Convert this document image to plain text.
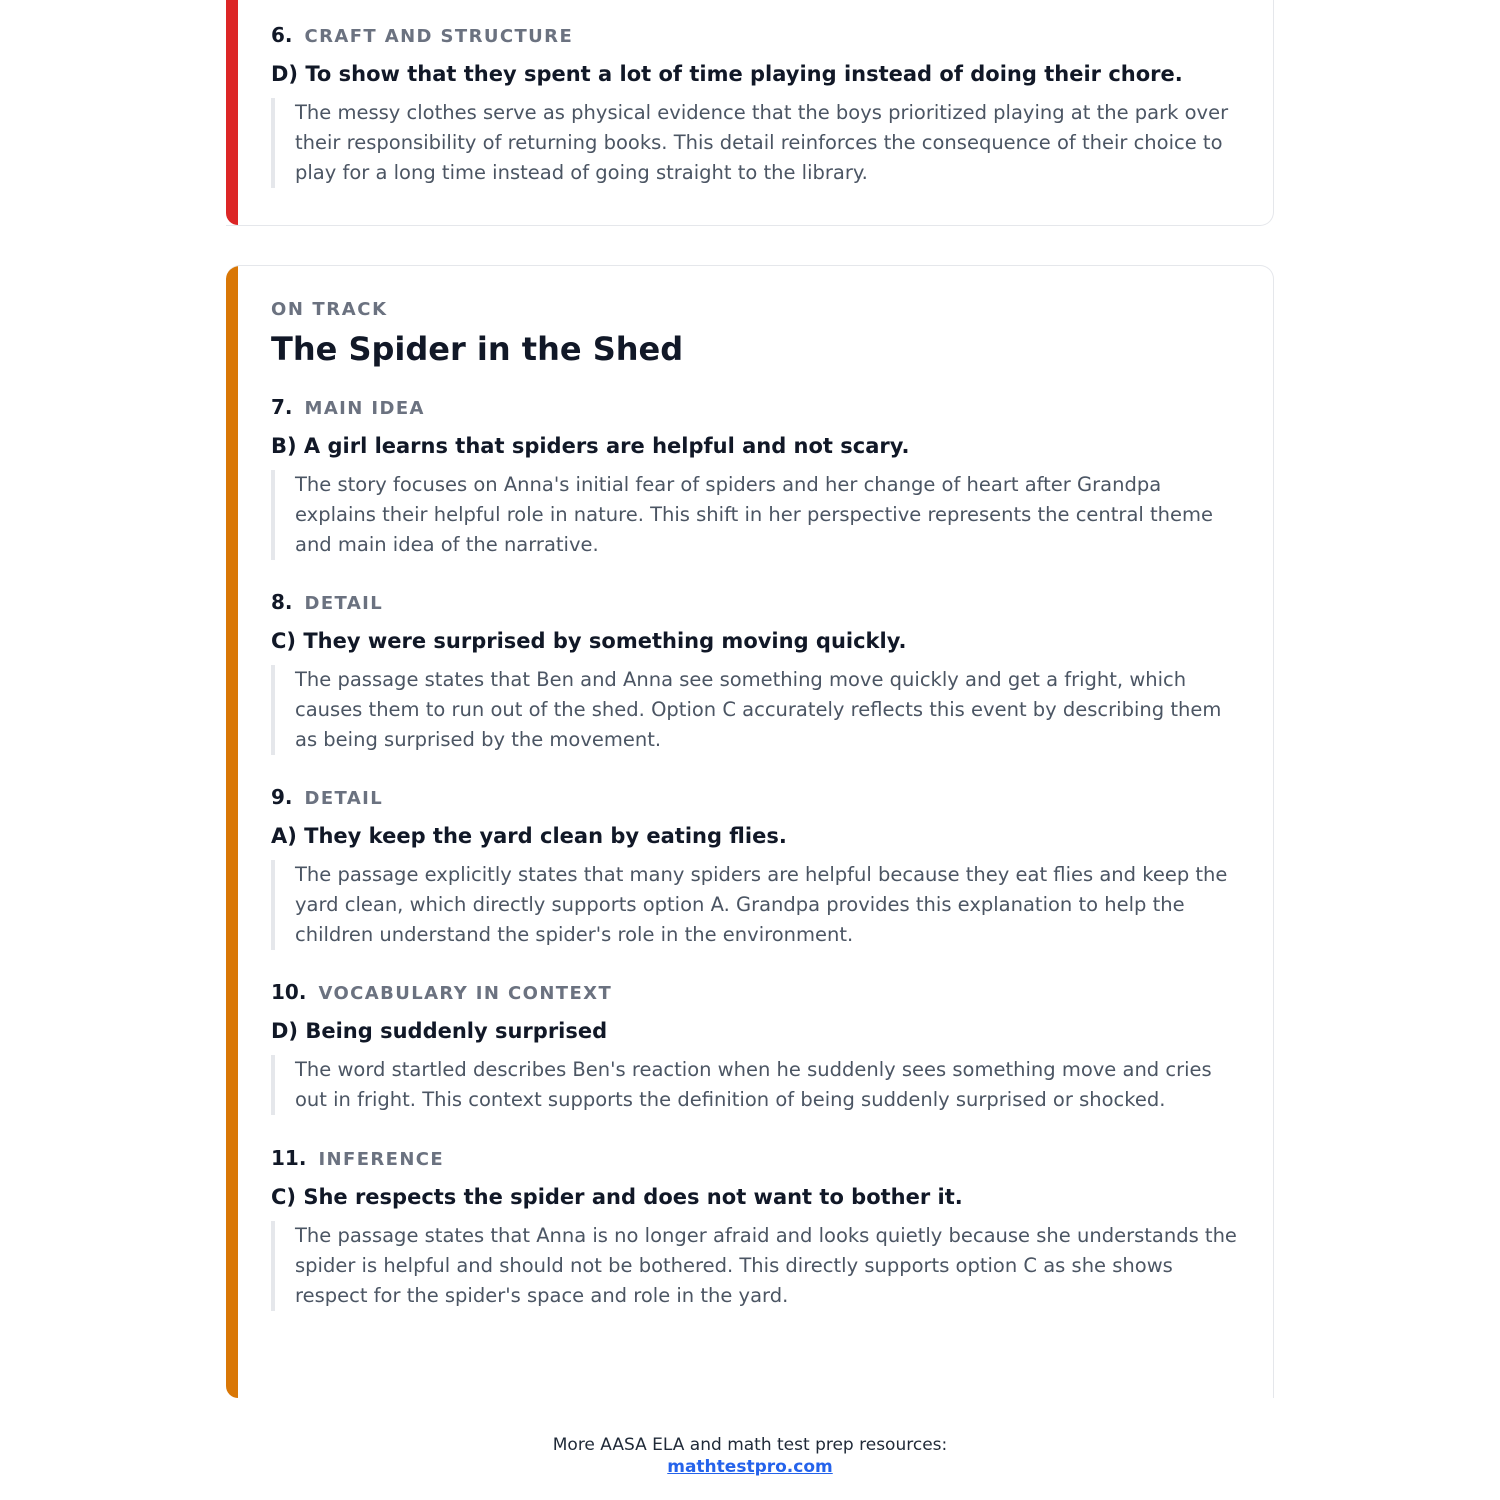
6. CRAFT AND STRUCTURE
D) To show that they spent a lot of time playing instead of doing their chore.
The messy clothes serve as physical evidence that the boys prioritized playing at the park over their responsibility of returning books. This detail reinforces the consequence of their choice to play for a long time instead of going straight to the library.
ON TRACK
The Spider in the Shed
7. MAIN IDEA
B) A girl learns that spiders are helpful and not scary.
The story focuses on Anna's initial fear of spiders and her change of heart after Grandpa explains their helpful role in nature. This shift in her perspective represents the central theme and main idea of the narrative.
8. DETAIL
C) They were surprised by something moving quickly.
The passage states that Ben and Anna see something move quickly and get a fright, which causes them to run out of the shed. Option C accurately reflects this event by describing them as being surprised by the movement.
9. DETAIL
A) They keep the yard clean by eating flies.
The passage explicitly states that many spiders are helpful because they eat flies and keep the yard clean, which directly supports option A. Grandpa provides this explanation to help the children understand the spider's role in the environment.
10. VOCABULARY IN CONTEXT
D) Being suddenly surprised
The word startled describes Ben's reaction when he suddenly sees something move and cries out in fright. This context supports the definition of being suddenly surprised or shocked.
11. INFERENCE
C) She respects the spider and does not want to bother it.
The passage states that Anna is no longer afraid and looks quietly because she understands the spider is helpful and should not be bothered. This directly supports option C as she shows respect for the spider's space and role in the yard.
More AASA ELA and math test prep resources:
mathtestpro.com
